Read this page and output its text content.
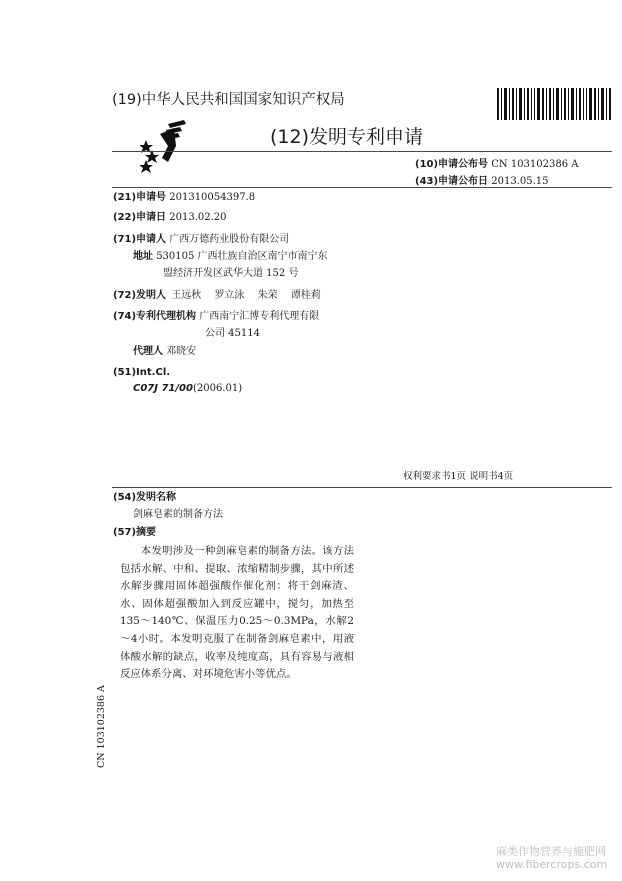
(19)中华人民共和国国家知识产权局
(12)发明专利申请
(10)申请公布号 CN 103102386 A
(43)申请公布日 2013.05.15
(21)申请号 201310054397.8
(22)申请日 2013.02.20
(71)申请人 广西万德药业股份有限公司
地址 530105 广西壮族自治区南宁市南宁东
盟经济开发区武华大道 152 号
(72)发明人 王远秋 罗立泳 朱荣 谭桂莉
(74)专利代理机构 广西南宁汇博专利代理有限
公司 45114
代理人 邓晓安
(51)Int.Cl.
C07J 71/00(2006.01)
权利要求书1页 说明书4页
(54)发明名称
剑麻皂素的制备方法
(57)摘要
本发明涉及一种剑麻皂素的制备方法。该方法包括水解、中和、提取、浓缩精制步骤，其中所述水解步骤用固体超强酸作催化剂：将干剑麻渣、水、固体超强酸加入到反应罐中，搅匀，加热至135～140℃、保温压力0.25～0.3MPa，水解2～4小时。本发明克服了在制备剑麻皂素中，用液体酸水解的缺点，收率及纯度高，具有容易与液相反应体系分离、对环境危害小等优点。
CN 103102386 A
麻类作物营养与施肥网
www.fibercrops.com
